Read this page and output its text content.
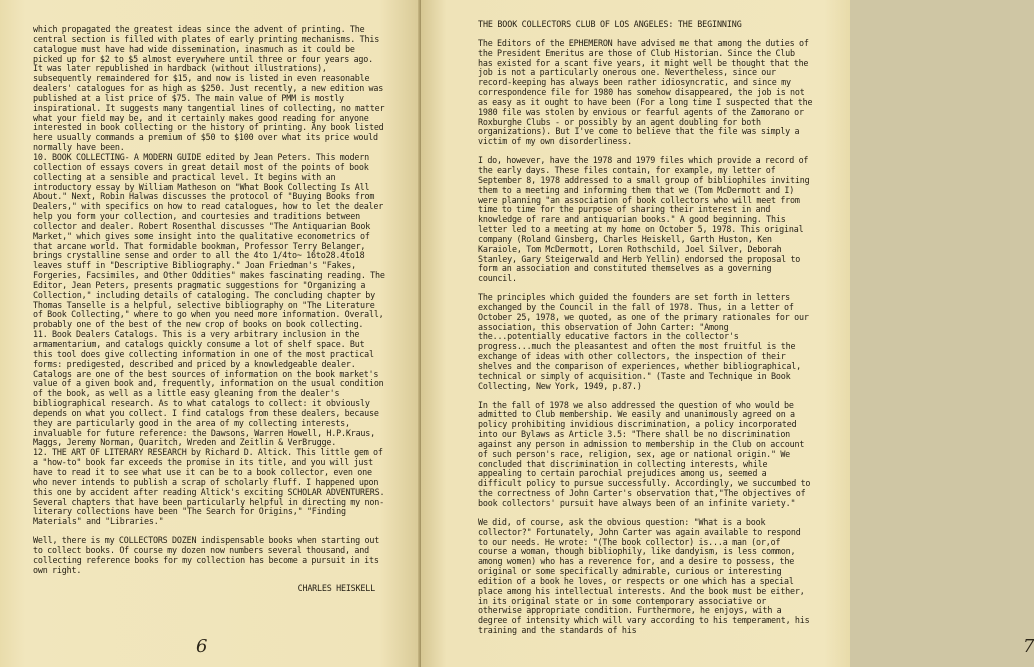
which propagated the greatest ideas since the advent of printing. The central section is filled with plates of early printing mechanisms. This catalogue must have had wide dissemination, inasmuch as it could be picked up for $2 to $5 almost everywhere until three or four years ago. It was later republished in hardback (without illustrations), subsequently remaindered for $15, and now is listed in even reasonable dealers' catalogues for as high as $250. Just recently, a new edition was published at a list price of $75. The main value of PMM is mostly inspirational. It suggests many tangential lines of collecting, no matter what your field may be, and it certainly makes good reading for anyone interested in book collecting or the history of printing. Any book listed here usually commands a premium of $50 to $100 over what its price would normally have been.
10. BOOK COLLECTING- A MODERN GUIDE edited by Jean Peters. This modern collection of essays covers in great detail most of the points of book collecting at a sensible and practical level. It begins with an introductory essay by William Matheson on "What Book Collecting Is All About." Next, Robin Halwas discusses the protocol of "Buying Books from Dealers," with specifics on how to read catalogues, how to let the dealer help you form your collection, and courtesies and traditions between collector and dealer. Robert Rosenthal discusses "The Antiquarian Book Market," which gives some insight into the qualitative econometrics of that arcane world. That formidable bookman, Professor Terry Belanger, brings crystalline sense and order to all the 4to 1/4to~ 16to28.4to18 leaves stuff in "Descriptive Bibliography." Joan Friedman's "Fakes, Forgeries, Facsimiles, and Other Oddities" makes fascinating reading. The Editor, Jean Peters, presents pragmatic suggestions for "Organizing a Collection," including details of cataloging. The concluding chapter by Thomas Tanselle is a helpful, selective bibliography on "The Literature of Book Collecting," where to go when you need more information. Overall, probably one of the best of the new crop of books on book collecting.
11. Book Dealers Catalogs. This is a very arbitrary inclusion in the armamentarium, and catalogs quickly consume a lot of shelf space. But this tool does give collecting information in one of the most practical forms: predigested, described and priced by a knowledgeable dealer. Catalogs are one of the best sources of information on the book market's value of a given book and, frequently, information on the usual condition of the book, as well as a little easy gleaning from the dealer's bibliographical research. As to what catalogs to collect: it obviously depends on what you collect. I find catalogs from these dealers, because they are particularly good in the area of my collecting interests, invaluable for future reference: the Dawsons, Warren Howell, H.P.Kraus, Maggs, Jeremy Norman, Quaritch, Wreden and Zeitlin & VerBrugge.
12. THE ART OF LITERARY RESEARCH by Richard D. Altick. This little gem of a "how-to" book far exceeds the promise in its title, and you will just have to read it to see what use it can be to a book collector, even one who never intends to publish a scrap of scholarly fluff. I happened upon this one by accident after reading Altick's exciting SCHOLAR ADVENTURERS. Several chapters that have been particularly helpful in directing my non-literary collections have been "The Search for Origins," "Finding Materials" and "Libraries."

Well, there is my COLLECTORS DOZEN indispensable books when starting out to collect books. Of course my dozen now numbers several thousand, and collecting reference books for my collection has become a pursuit in its own right.

CHARLES HEISKELL

6

THE BOOK COLLECTORS CLUB OF LOS ANGELES: THE BEGINNING

The Editors of the EPHEMERON have advised me that among the duties of the President Emeritus are those of Club Historian. Since the Club has existed for a scant five years, it might well be thought that the job is not a particularly onerous one. Nevertheless, since our record-keeping has always been rather idiosyncratic, and since my correspondence file for 1980 has somehow disappeared, the job is not as easy as it ought to have been (For a long time I suspected that the 1980 file was stolen by envious or fearful agents of the Zamorano or Roxburghe Clubs - or possibly by an agent doubling for both organizations). But I've come to believe that the file was simply a victim of my own disorderliness.

I do, however, have the 1978 and 1979 files which provide a record of the early days. These files contain, for example, my letter of September 8, 1978 addressed to a small group of bibliophiles inviting them to a meeting and informing them that we (Tom McDermott and I) were planning "an association of book collectors who will meet from time to time for the purpose of sharing their interest in and knowledge of rare and antiquarian books." A good beginning. This letter led to a meeting at my home on October 5, 1978. This original company (Roland Ginsberg, Charles Heiskell, Garth Huston, Ken Karaiole, Tom McDermott, Loren Rothschild, Joel Silver, Deborah Stanley, Gary Steigerwald and Herb Yellin) endorsed the proposal to form an association and constituted themselves as a governing council.

The principles which guided the founders are set forth in letters exchanged by the Council in the fall of 1978. Thus, in a letter of October 25, 1978, we quoted, as one of the primary rationales for our association, this observation of John Carter: "Among the...potentially educative factors in the collector's progress...much the pleasantest and often the most fruitful is the exchange of ideas with other collectors, the inspection of their shelves and the comparison of experiences, whether bibliographical, technical or simply of acquisition." (Taste and Technique in Book Collecting, New York, 1949, p.87.)

In the fall of 1978 we also addressed the question of who would be admitted to Club membership. We easily and unanimously agreed on a policy prohibiting invidious discrimination, a policy incorporated into our Bylaws as Article 3.5: "There shall be no discrimination against any person in admission to membership in the Club on account of such person's race, religion, sex, age or national origin." We concluded that discrimination in collecting interests, while appealing to certain parochial prejudices among us, seemed a difficult policy to pursue successfully. Accordingly, we succumbed to the correctness of John Carter's observation that,"The objectives of book collectors' pursuit have always been of an infinite variety."

We did, of course, ask the obvious question: "What is a book collector?" Fortunately, John Carter was again available to respond to our needs. He wrote: "(The book collector) is...a man (or,of course a woman, though bibliophily, like dandyism, is less common, among women) who has a reverence for, and a desire to possess, the original or some specifically admirable, curious or interesting edition of a book he loves, or respects or one which has a special place among his intellectual interests. And the book must be either, in its original state or in some contemporary associative or otherwise appropriate condition. Furthermore, he enjoys, with a degree of intensity which will vary according to his temperament, his training and the standards of his

7
